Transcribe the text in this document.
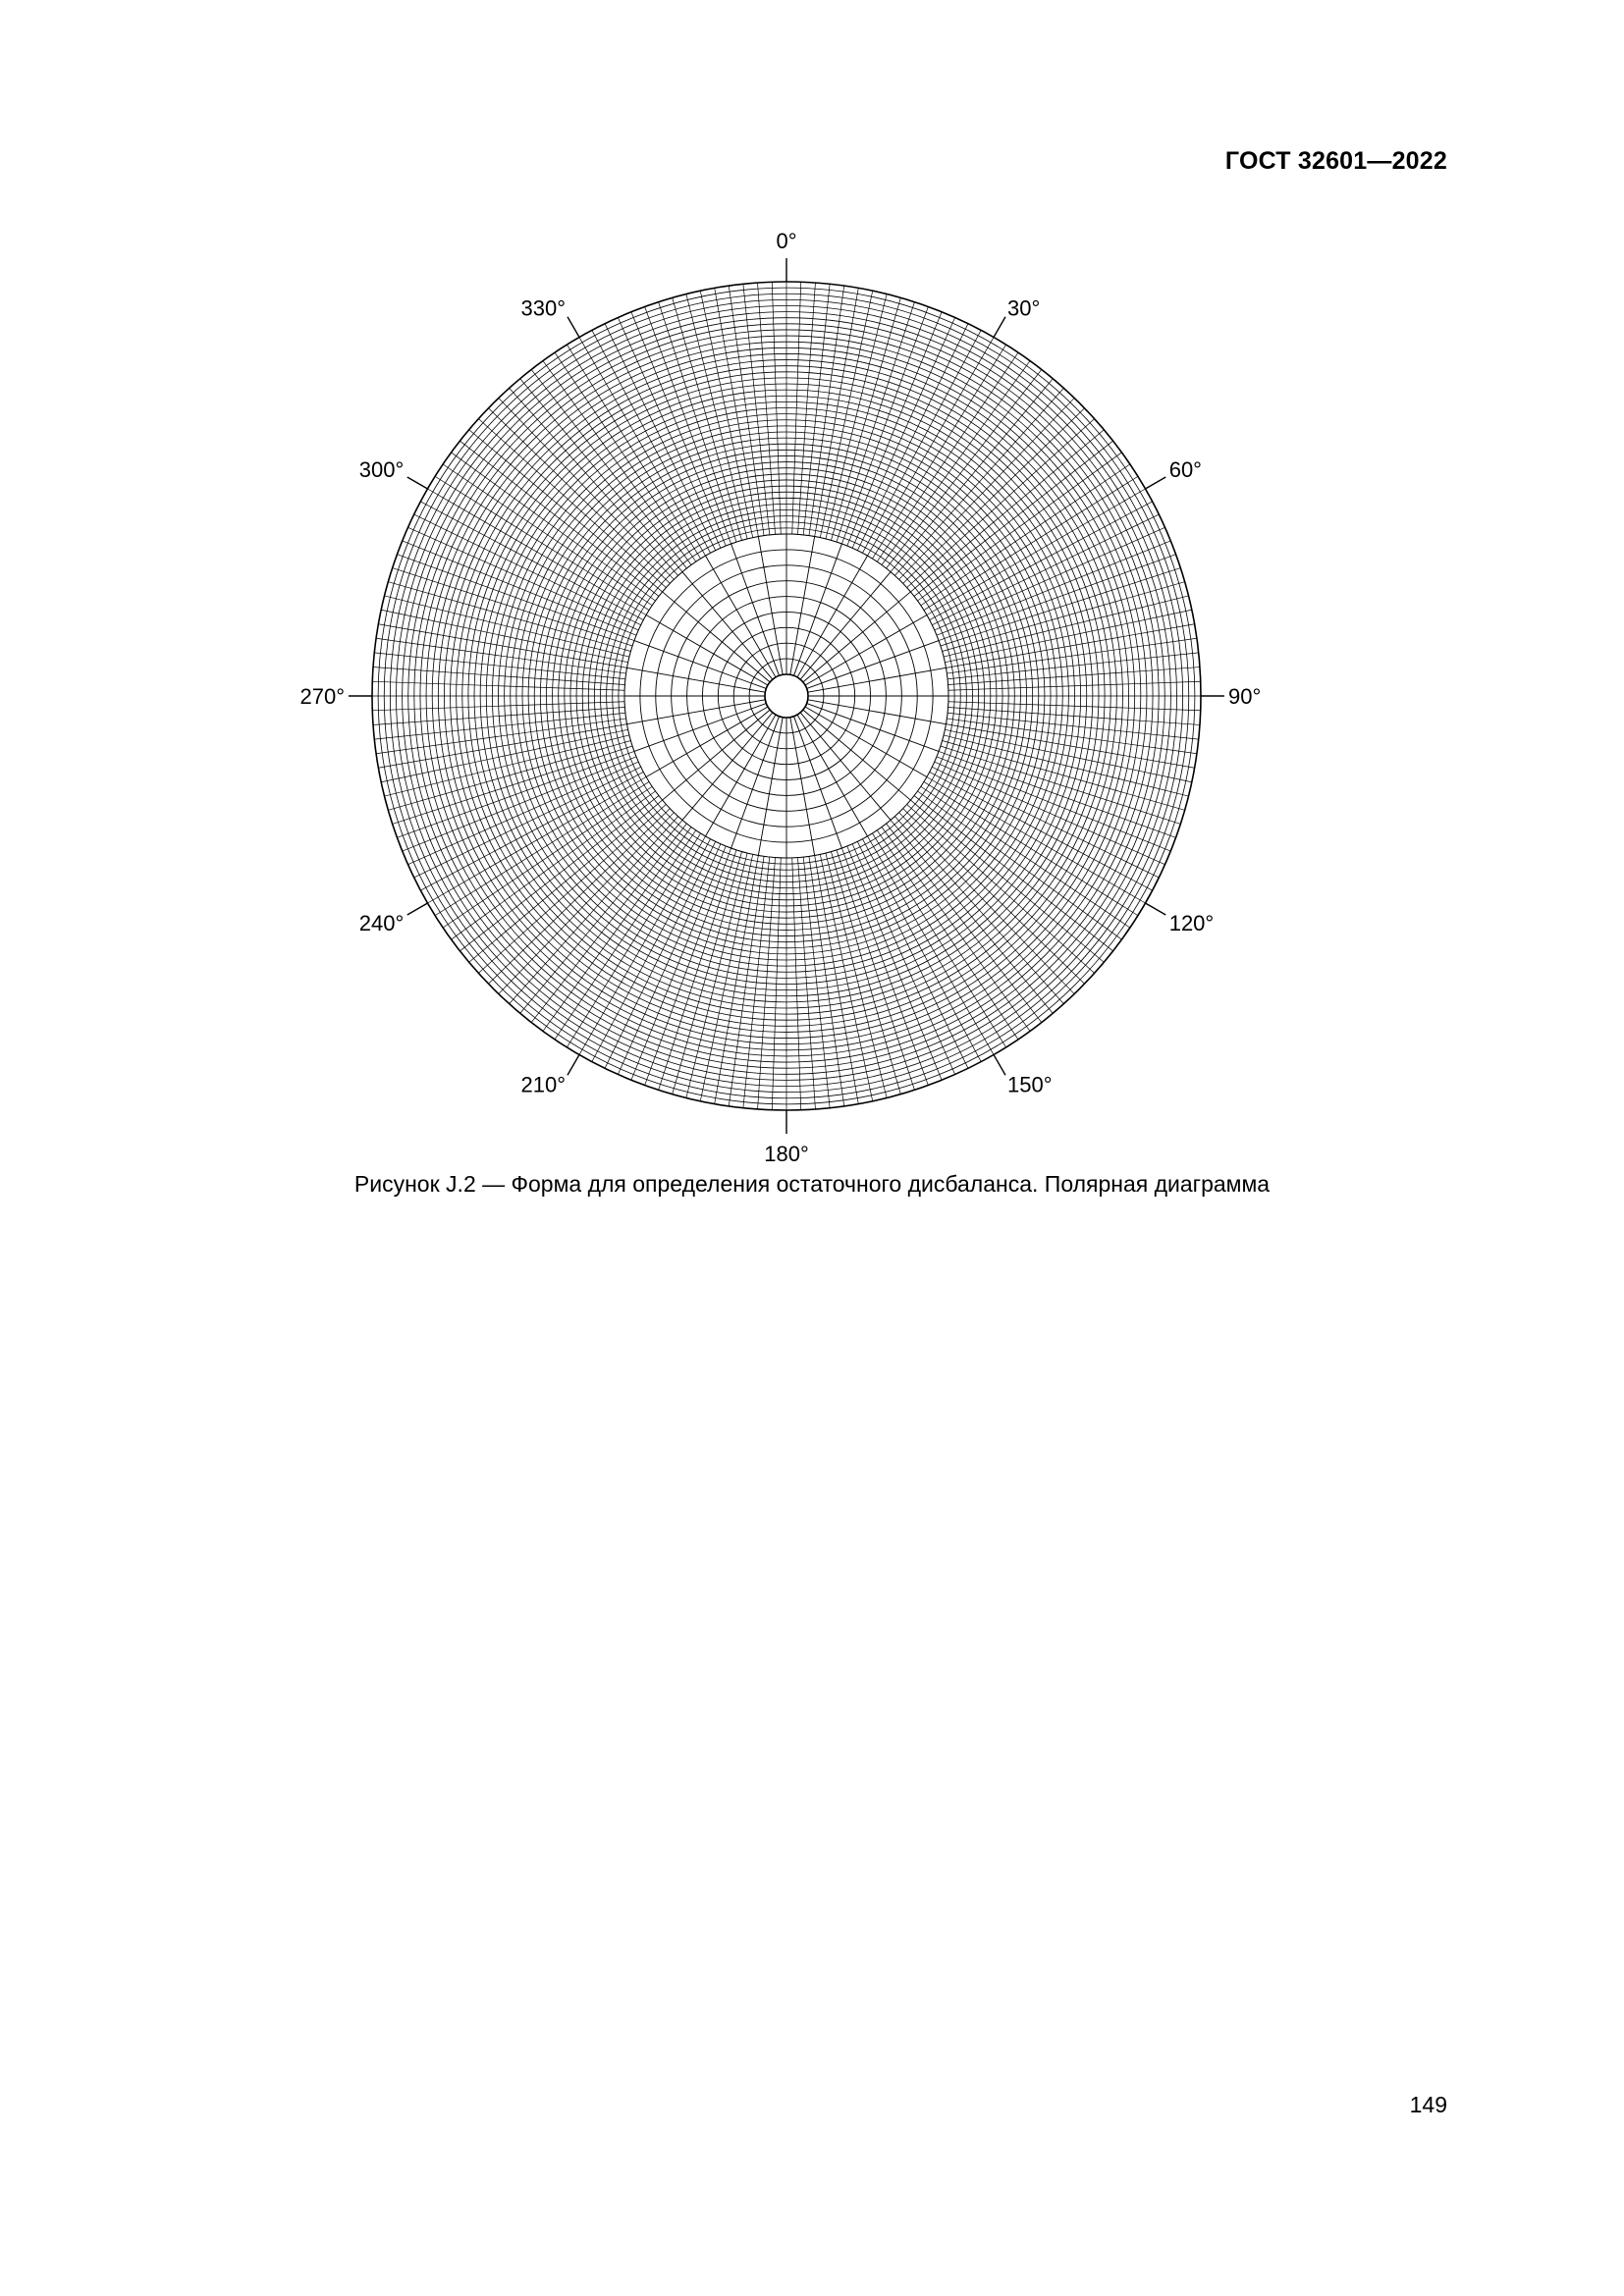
ГОСТ 32601—2022
0°
30°
60°
90°
120°
150°
180°
210°
240°
270°
300°
330°
Рисунок J.2 — Форма для определения остаточного дисбаланса. Полярная диаграмма
149
